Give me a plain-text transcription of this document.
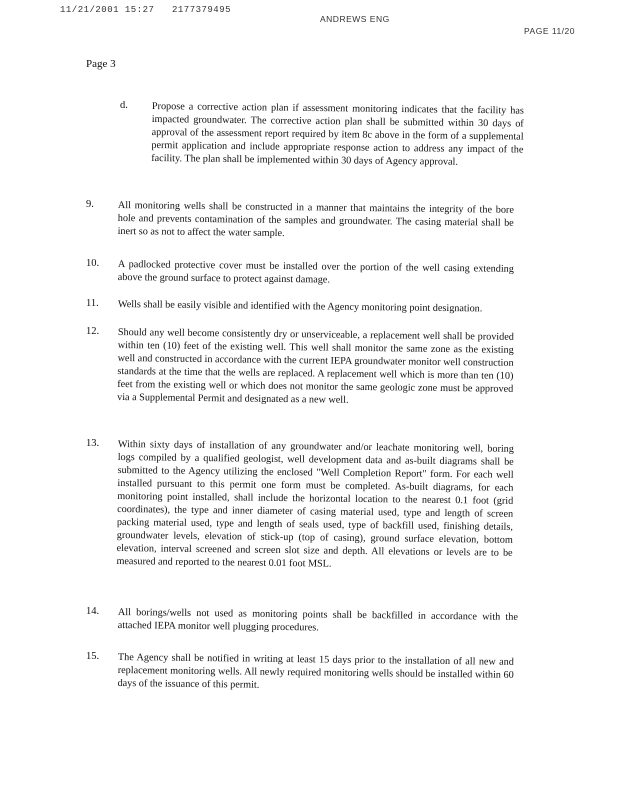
11/21/2001 15:27 2177379495
ANDREWS ENG
PAGE 11/20
Page 3
d. Propose a corrective action plan if assessment monitoring indicates that the facility has impacted groundwater. The corrective action plan shall be submitted within 30 days of approval of the assessment report required by item 8c above in the form of a supplemental permit application and include appropriate response action to address any impact of the facility. The plan shall be implemented within 30 days of Agency approval.
9. All monitoring wells shall be constructed in a manner that maintains the integrity of the bore hole and prevents contamination of the samples and groundwater. The casing material shall be inert so as not to affect the water sample.
10. A padlocked protective cover must be installed over the portion of the well casing extending above the ground surface to protect against damage.
11. Wells shall be easily visible and identified with the Agency monitoring point designation.
12. Should any well become consistently dry or unserviceable, a replacement well shall be provided within ten (10) feet of the existing well. This well shall monitor the same zone as the existing well and constructed in accordance with the current IEPA groundwater monitor well construction standards at the time that the wells are replaced. A replacement well which is more than ten (10) feet from the existing well or which does not monitor the same geologic zone must be approved via a Supplemental Permit and designated as a new well.
13. Within sixty days of installation of any groundwater and/or leachate monitoring well, boring logs compiled by a qualified geologist, well development data and as-built diagrams shall be submitted to the Agency utilizing the enclosed "Well Completion Report" form. For each well installed pursuant to this permit one form must be completed. As-built diagrams, for each monitoring point installed, shall include the horizontal location to the nearest 0.1 foot (grid coordinates), the type and inner diameter of casing material used, type and length of screen packing material used, type and length of seals used, type of backfill used, finishing details, groundwater levels, elevation of stick-up (top of casing), ground surface elevation, bottom elevation, interval screened and screen slot size and depth. All elevations or levels are to be measured and reported to the nearest 0.01 foot MSL.
14. All borings/wells not used as monitoring points shall be backfilled in accordance with the attached IEPA monitor well plugging procedures.
15. The Agency shall be notified in writing at least 15 days prior to the installation of all new and replacement monitoring wells. All newly required monitoring wells should be installed within 60 days of the issuance of this permit.
